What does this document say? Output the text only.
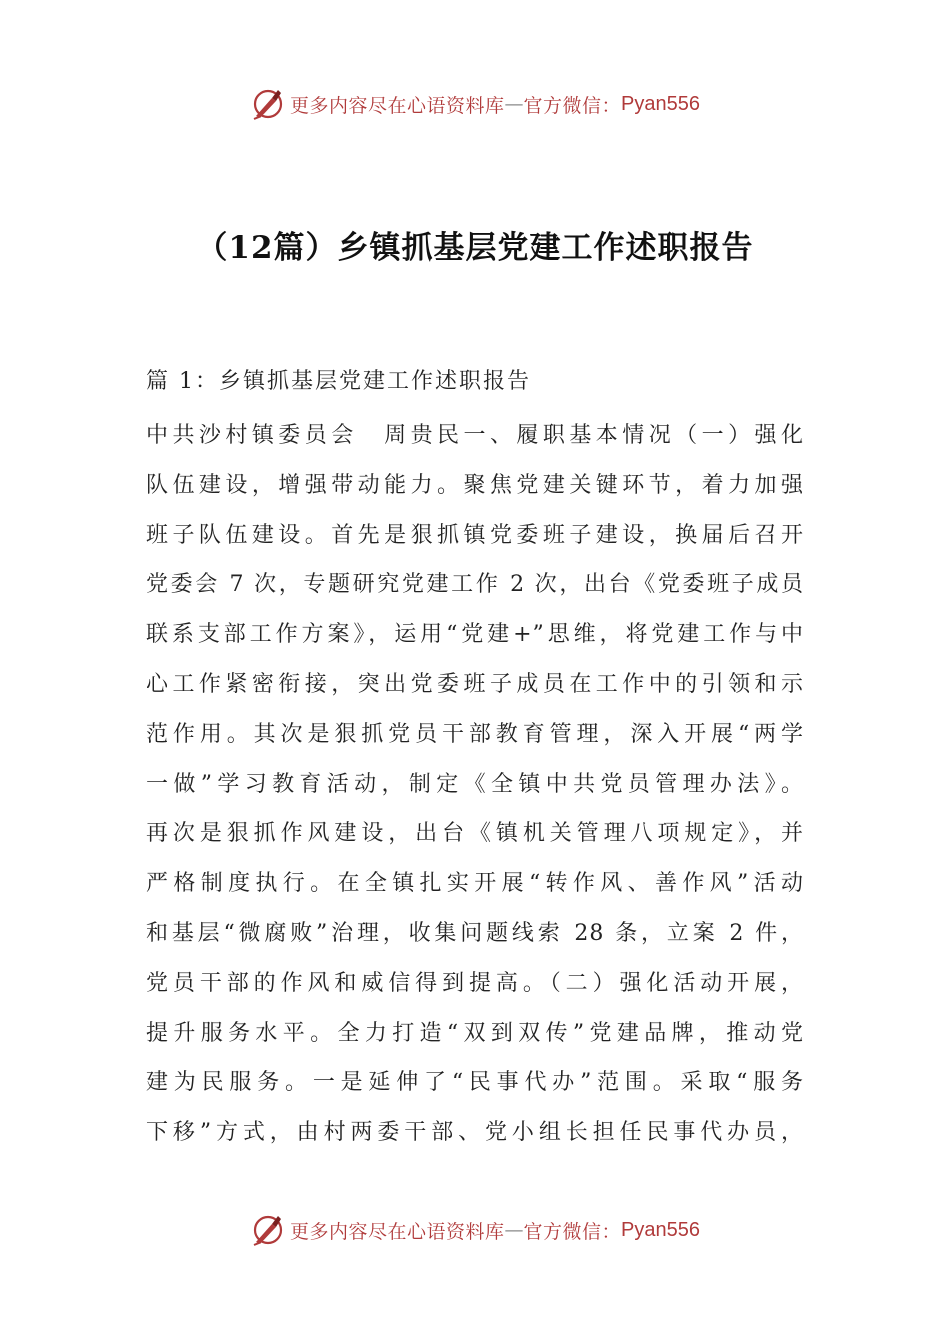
更多内容尽在心语资料库 — 官方微信： Pyan556
（12篇）乡镇抓基层党建工作述职报告

篇 1：乡镇抓基层党建工作述职报告

中共沙村镇委员会　周贵民一、履职基本情况（一）强化
队伍建设，增强带动能力。聚焦党建关键环节，着力加强
班子队伍建设。首先是狠抓镇党委班子建设，换届后召开
党委会 7 次，专题研究党建工作 2 次，出台《党委班子成员
联系支部工作方案》，运用“党建+”思维，将党建工作与中
心工作紧密衔接，突出党委班子成员在工作中的引领和示
范作用。其次是狠抓党员干部教育管理，深入开展“两学
一做”学习教育活动，制定《全镇中共党员管理办法》。
再次是狠抓作风建设，出台《镇机关管理八项规定》，并
严格制度执行。在全镇扎实开展“转作风、善作风”活动
和基层“微腐败”治理，收集问题线索 28 条，立案 2 件，
党员干部的作风和威信得到提高。（二）强化活动开展，
提升服务水平。全力打造“双到双传”党建品牌，推动党
建为民服务。一是延伸了“民事代办”范围。采取“服务
下移”方式，由村两委干部、党小组长担任民事代办员，
更多内容尽在心语资料库 — 官方微信： Pyan556
